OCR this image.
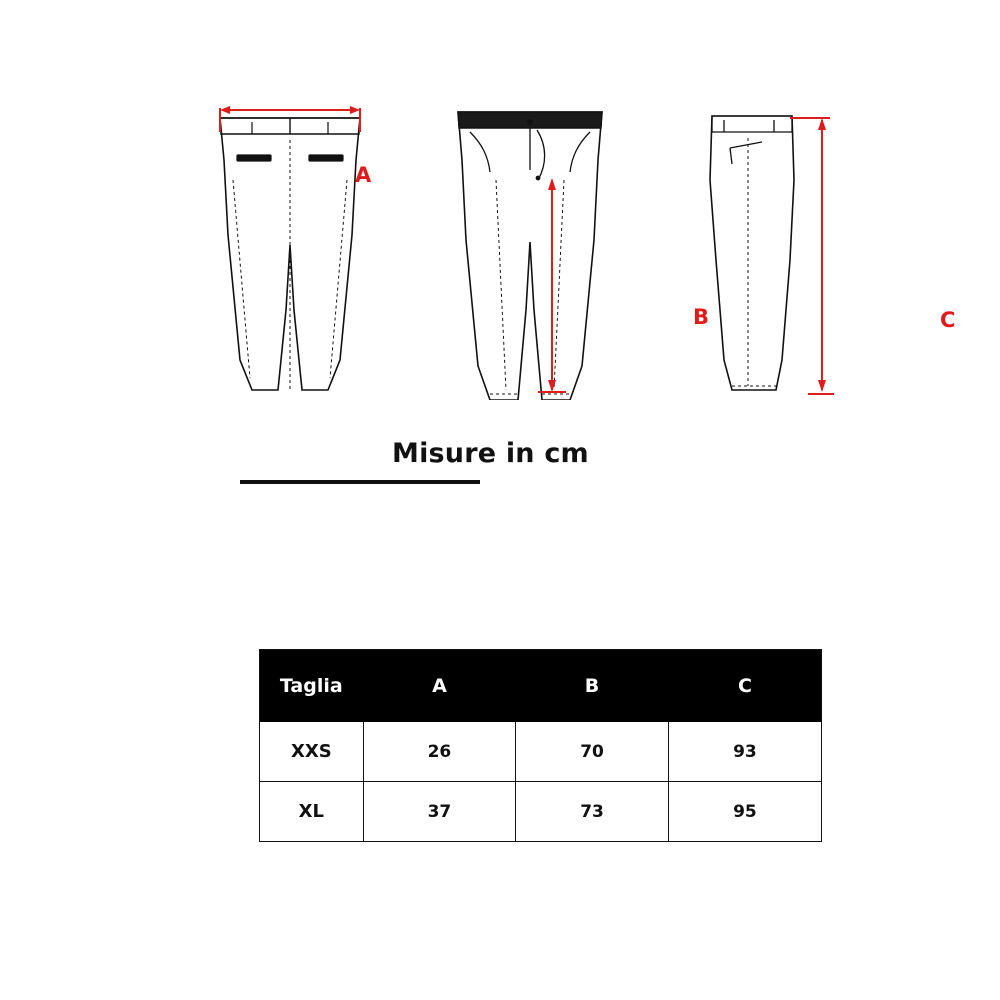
A
B	C
Misure in cm
Taglia	A	B	C
XXS	26	70	93
XL	37	73	95
